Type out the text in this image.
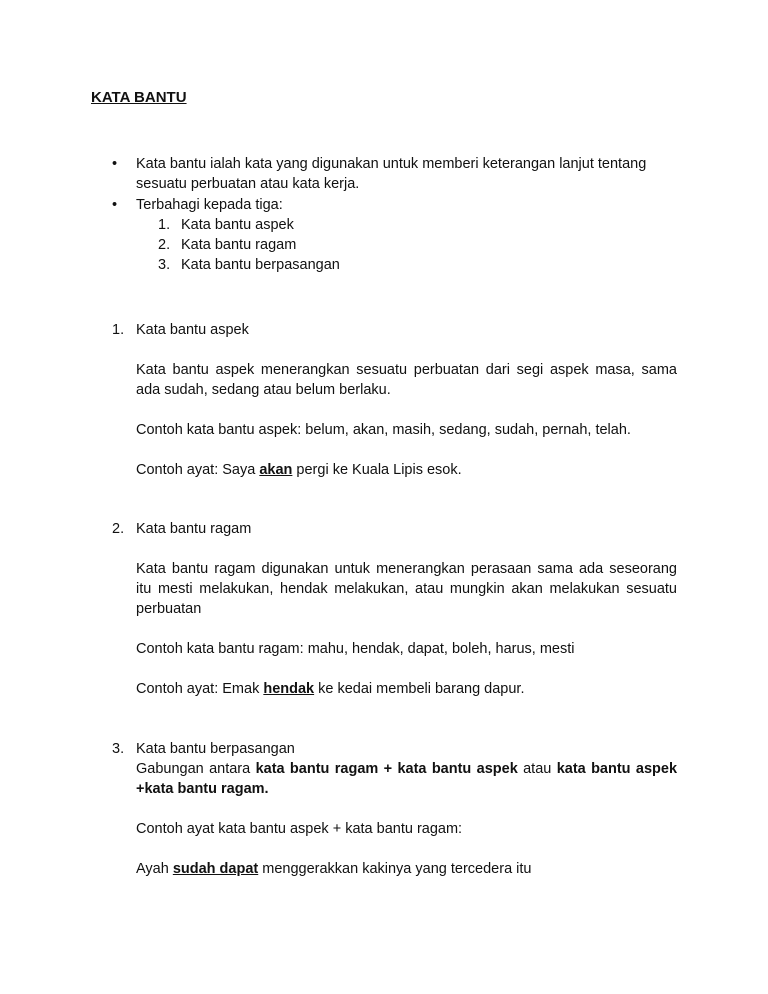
KATA BANTU
• Kata bantu ialah kata yang digunakan untuk memberi keterangan lanjut tentang sesuatu perbuatan atau kata kerja.
• Terbahagi kepada tiga:
1. Kata bantu aspek
2. Kata bantu ragam
3. Kata bantu berpasangan
1. Kata bantu aspek
Kata bantu aspek menerangkan sesuatu perbuatan dari segi aspek masa, sama ada sudah, sedang atau belum berlaku.
Contoh kata bantu aspek: belum, akan, masih, sedang, sudah, pernah, telah.
Contoh ayat: Saya akan pergi ke Kuala Lipis esok.
2. Kata bantu ragam
Kata bantu ragam digunakan untuk menerangkan perasaan sama ada seseorang itu mesti melakukan, hendak melakukan, atau mungkin akan melakukan sesuatu perbuatan
Contoh kata bantu ragam: mahu, hendak, dapat, boleh, harus, mesti
Contoh ayat: Emak hendak ke kedai membeli barang dapur.
3. Kata bantu berpasangan
Gabungan antara kata bantu ragam + kata bantu aspek atau kata bantu aspek +kata bantu ragam.
Contoh ayat kata bantu aspek + kata bantu ragam:
Ayah sudah dapat menggerakkan kakinya yang tercedera itu
